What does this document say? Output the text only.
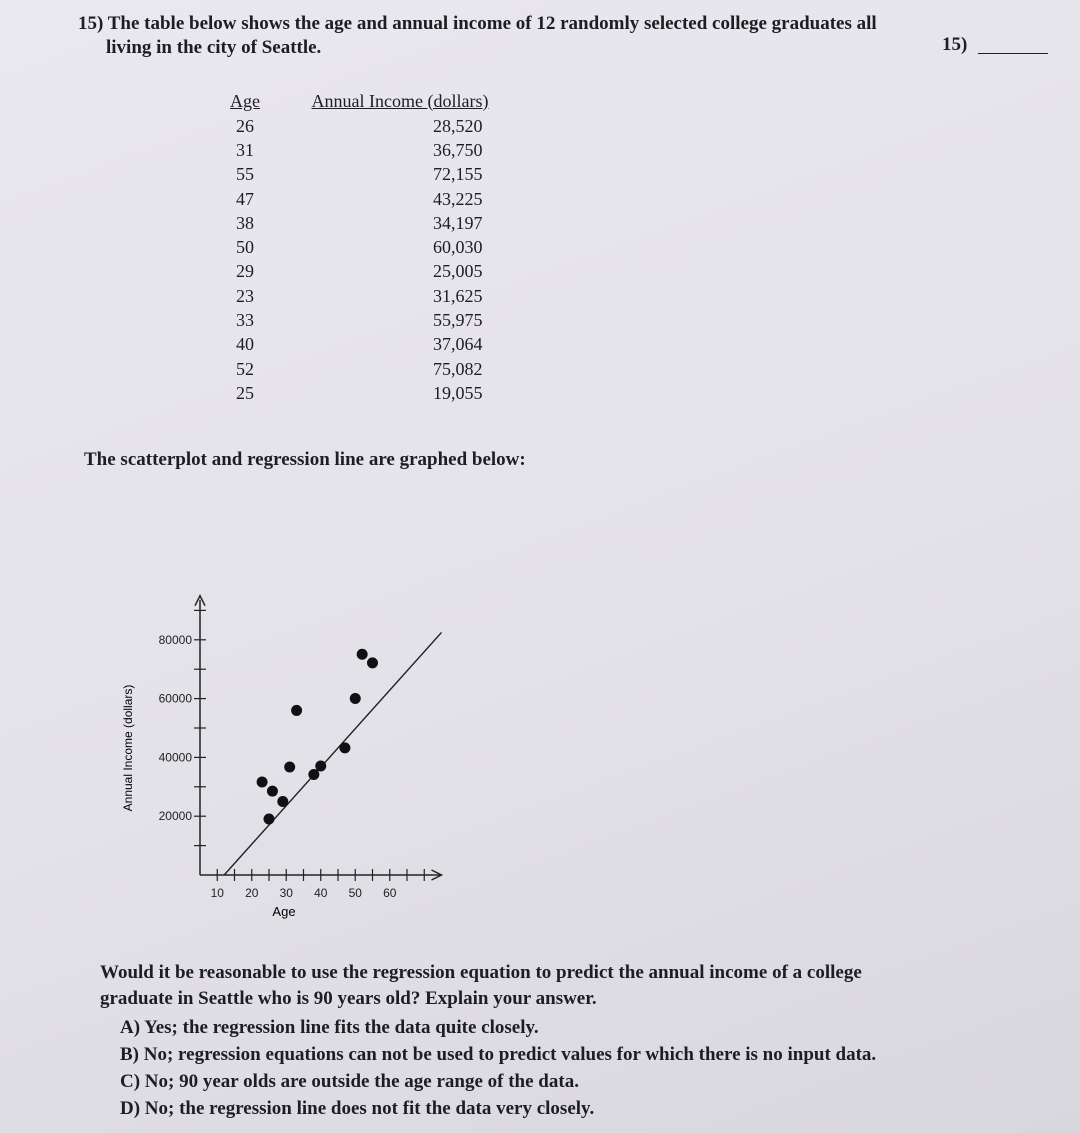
15) The table below shows the age and annual income of 12 randomly selected college graduates all
living in the city of Seattle.	15)
Age	Annual Income (dollars)
26	28,520
31	36,750
55	72,155
47	43,225
38	34,197
50	60,030
29	25,005
23	31,625
33	55,975
40	37,064
52	75,082
25	19,055
The scatterplot and regression line are graphed below:
20000
40000
60000
80000
10 20 30 40 50 60
Annual Income (dollars)
Age
Would it be reasonable to use the regression equation to predict the annual income of a college
graduate in Seattle who is 90 years old? Explain your answer.
A) Yes; the regression line fits the data quite closely.
B) No; regression equations can not be used to predict values for which there is no input data.
C) No; 90 year olds are outside the age range of the data.
D) No; the regression line does not fit the data very closely.
